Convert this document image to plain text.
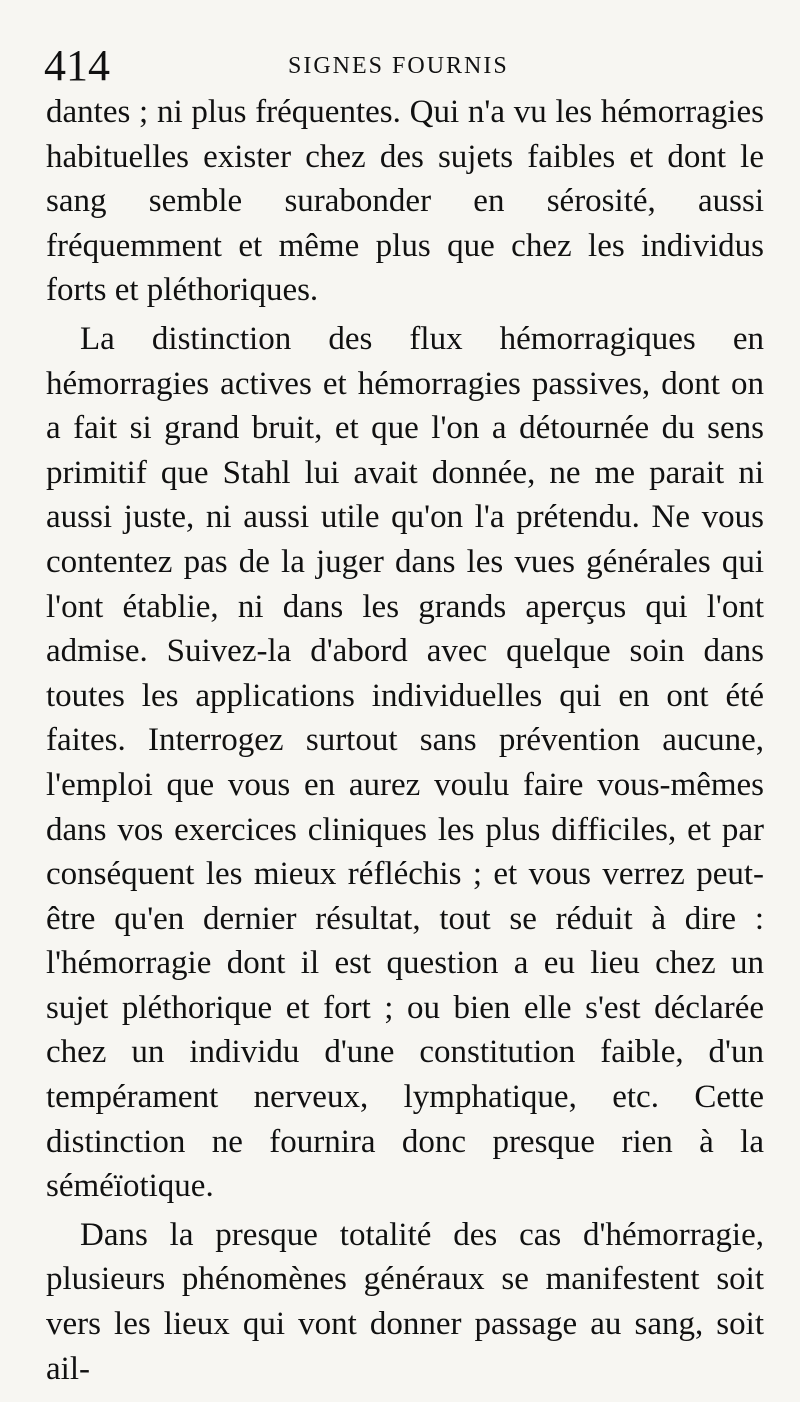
414	SIGNES FOURNIS

dantes ; ni plus fréquentes. Qui n'a vu les hémorragies habituelles exister chez des sujets faibles et dont le sang semble surabonder en sérosité, aussi fréquemment et même plus que chez les individus forts et pléthoriques.

La distinction des flux hémorragiques en hémorragies actives et hémorragies passives, dont on a fait si grand bruit, et que l'on a détournée du sens primitif que Stahl lui avait donnée, ne me parait ni aussi juste, ni aussi utile qu'on l'a prétendu. Ne vous contentez pas de la juger dans les vues générales qui l'ont établie, ni dans les grands aperçus qui l'ont admise. Suivez-la d'abord avec quelque soin dans toutes les applications individuelles qui en ont été faites. Interrogez surtout sans prévention aucune, l'emploi que vous en aurez voulu faire vous-mêmes dans vos exercices cliniques les plus difficiles, et par conséquent les mieux réfléchis ; et vous verrez peut-être qu'en dernier résultat, tout se réduit à dire : l'hémorragie dont il est question a eu lieu chez un sujet pléthorique et fort ; ou bien elle s'est déclarée chez un individu d'une constitution faible, d'un tempérament nerveux, lymphatique, etc. Cette distinction ne fournira donc presque rien à la séméïotique.

Dans la presque totalité des cas d'hémorragie, plusieurs phénomènes généraux se manifestent soit vers les lieux qui vont donner passage au sang, soit ail-
